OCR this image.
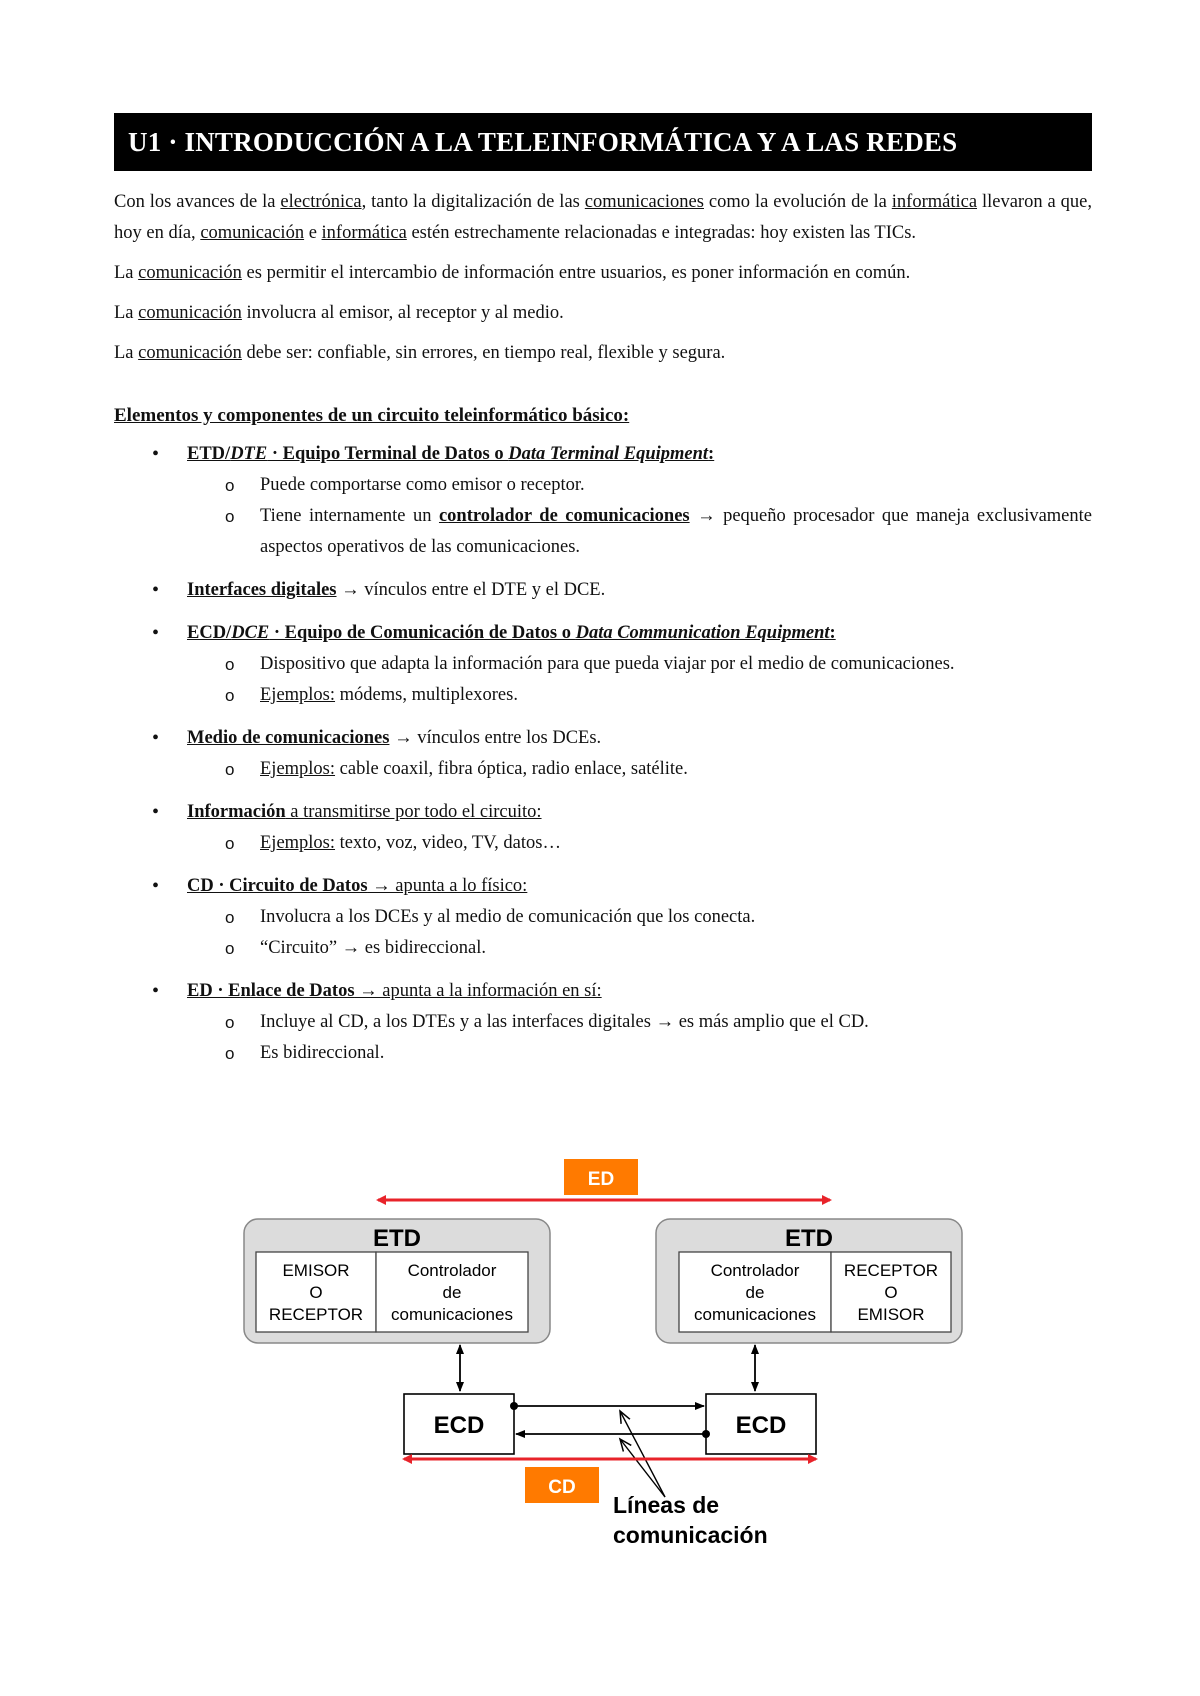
U1 · INTRODUCCIÓN A LA TELEINFORMÁTICA Y A LAS REDES

Con los avances de la electrónica, tanto la digitalización de las comunicaciones como la evolución de la informática llevaron a que, hoy en día, comunicación e informática estén estrechamente relacionadas e integradas: hoy existen las TICs.

La comunicación es permitir el intercambio de información entre usuarios, es poner información en común.

La comunicación involucra al emisor, al receptor y al medio.

La comunicación debe ser: confiable, sin errores, en tiempo real, flexible y segura.

Elementos y componentes de un circuito teleinformático básico:
• ETD/DTE · Equipo Terminal de Datos o Data Terminal Equipment:
o Puede comportarse como emisor o receptor.
o Tiene internamente un controlador de comunicaciones → pequeño procesador que maneja exclusivamente aspectos operativos de las comunicaciones.
• Interfaces digitales → vínculos entre el DTE y el DCE.
• ECD/DCE · Equipo de Comunicación de Datos o Data Communication Equipment:
o Dispositivo que adapta la información para que pueda viajar por el medio de comunicaciones.
o Ejemplos: módems, multiplexores.
• Medio de comunicaciones → vínculos entre los DCEs.
o Ejemplos: cable coaxil, fibra óptica, radio enlace, satélite.
• Información a transmitirse por todo el circuito:
o Ejemplos: texto, voz, video, TV, datos…
• CD · Circuito de Datos → apunta a lo físico:
o Involucra a los DCEs y al medio de comunicación que los conecta.
o “Circuito” → es bidireccional.
• ED · Enlace de Datos → apunta a la información en sí:
o Incluye al CD, a los DTEs y a las interfaces digitales → es más amplio que el CD.
o Es bidireccional.
ED
ETD
EMISOR
O
RECEPTOR
Controlador
de
comunicaciones
ETD
Controlador
de
comunicaciones
RECEPTOR
O
EMISOR
ECD	ECD
CD
Líneas de
comunicación
